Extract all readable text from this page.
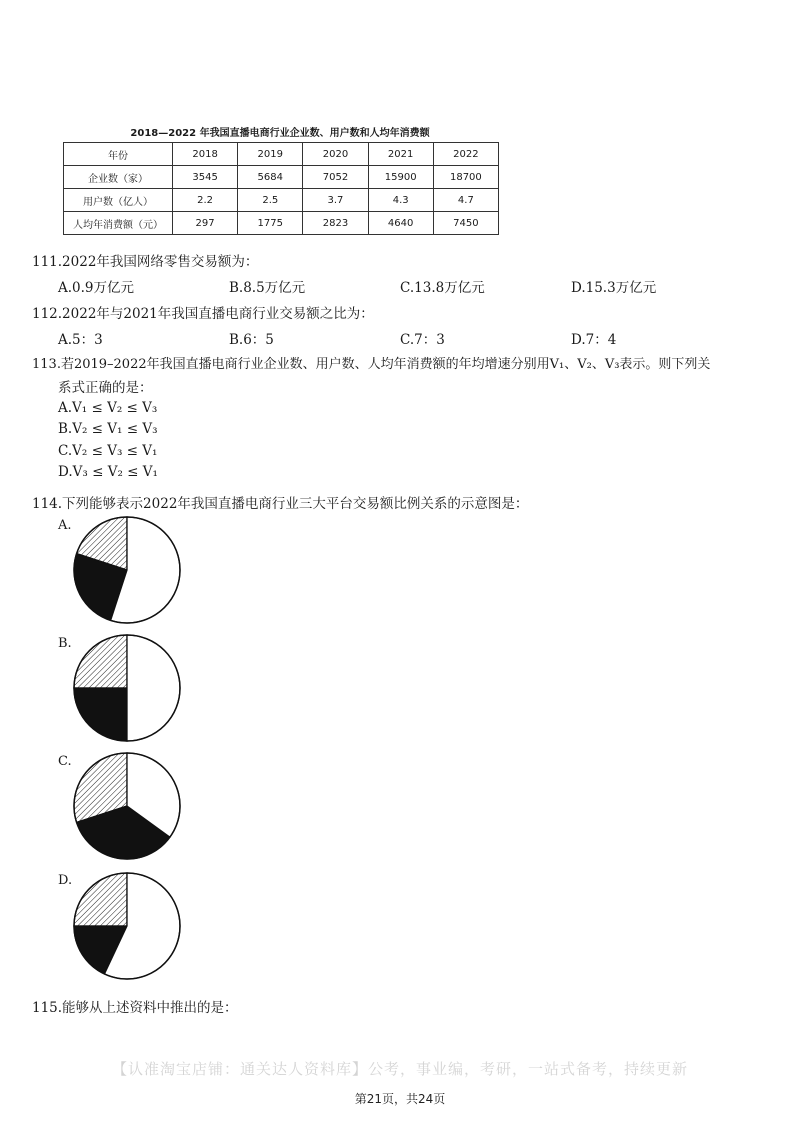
2018—2022 年我国直播电商行业企业数、用户数和人均年消费额
年份	2018	2019	2020	2021	2022
企业数（家）	3545	5684	7052	15900	18700
用户数（亿人）	2.2	2.5	3.7	4.3	4.7
人均年消费额（元）	297	1775	2823	4640	7450
111.2022年我国网络零售交易额为：
A.0.9万亿元	B.8.5万亿元	C.13.8万亿元	D.15.3万亿元
112.2022年与2021年我国直播电商行业交易额之比为：
A.5：3	B.6：5	C.7：3	D.7：4
113.若2019–2022年我国直播电商行业企业数、用户数、人均年消费额的年均增速分别用V₁、V₂、V₃表示。则下列关
系式正确的是：
A.V₁ ≤ V₂ ≤ V₃
B.V₂ ≤ V₁ ≤ V₃
C.V₂ ≤ V₃ ≤ V₁
D.V₃ ≤ V₂ ≤ V₁
114.下列能够表示2022年我国直播电商行业三大平台交易额比例关系的示意图是：
A.
B.
C.
D.
115.能够从上述资料中推出的是：
【认准淘宝店铺：通关达人资料库】公考，事业编，考研，一站式备考，持续更新
第21页，共24页
